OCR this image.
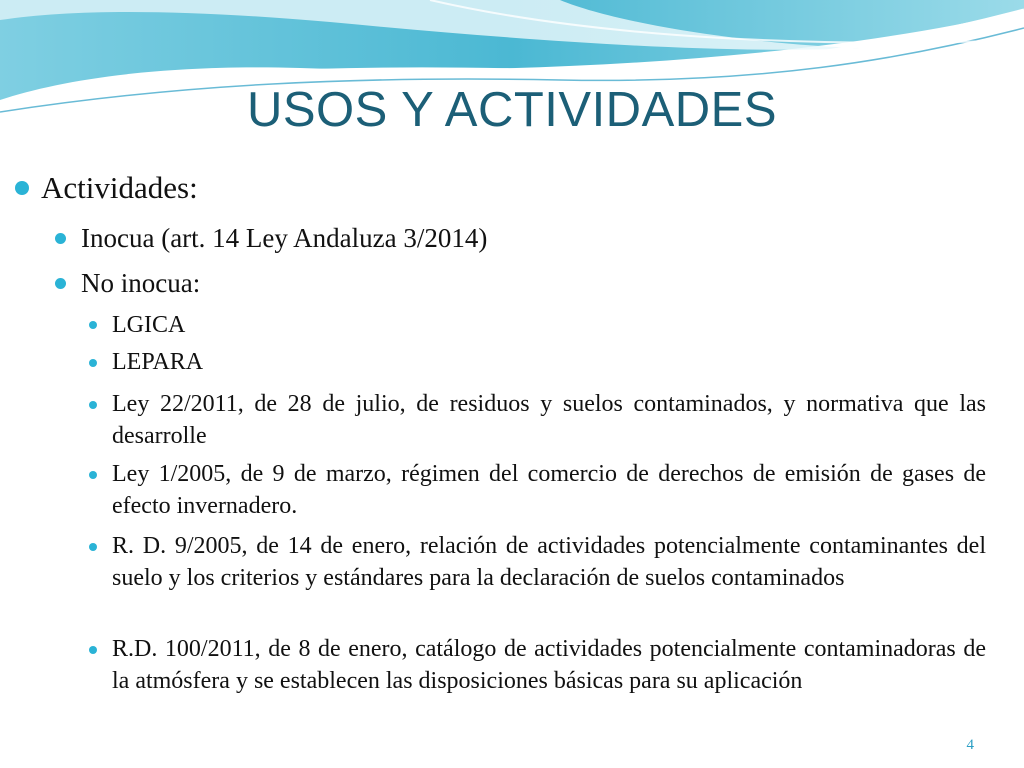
USOS Y ACTIVIDADES
Actividades:
Inocua (art. 14 Ley Andaluza 3/2014)
No inocua:
LGICA
LEPARA
Ley 22/2011, de 28 de julio, de residuos y suelos contaminados, y normativa que las desarrolle
Ley 1/2005, de 9 de marzo, régimen del comercio de derechos de emisión de gases de efecto invernadero.
R. D. 9/2005, de 14 de enero, relación de actividades potencialmente contaminantes del suelo y los criterios y estándares para la declaración de suelos contaminados
R.D. 100/2011, de 8 de enero, catálogo de actividades potencialmente contaminadoras de la atmósfera y se establecen las disposiciones básicas para su aplicación
4
